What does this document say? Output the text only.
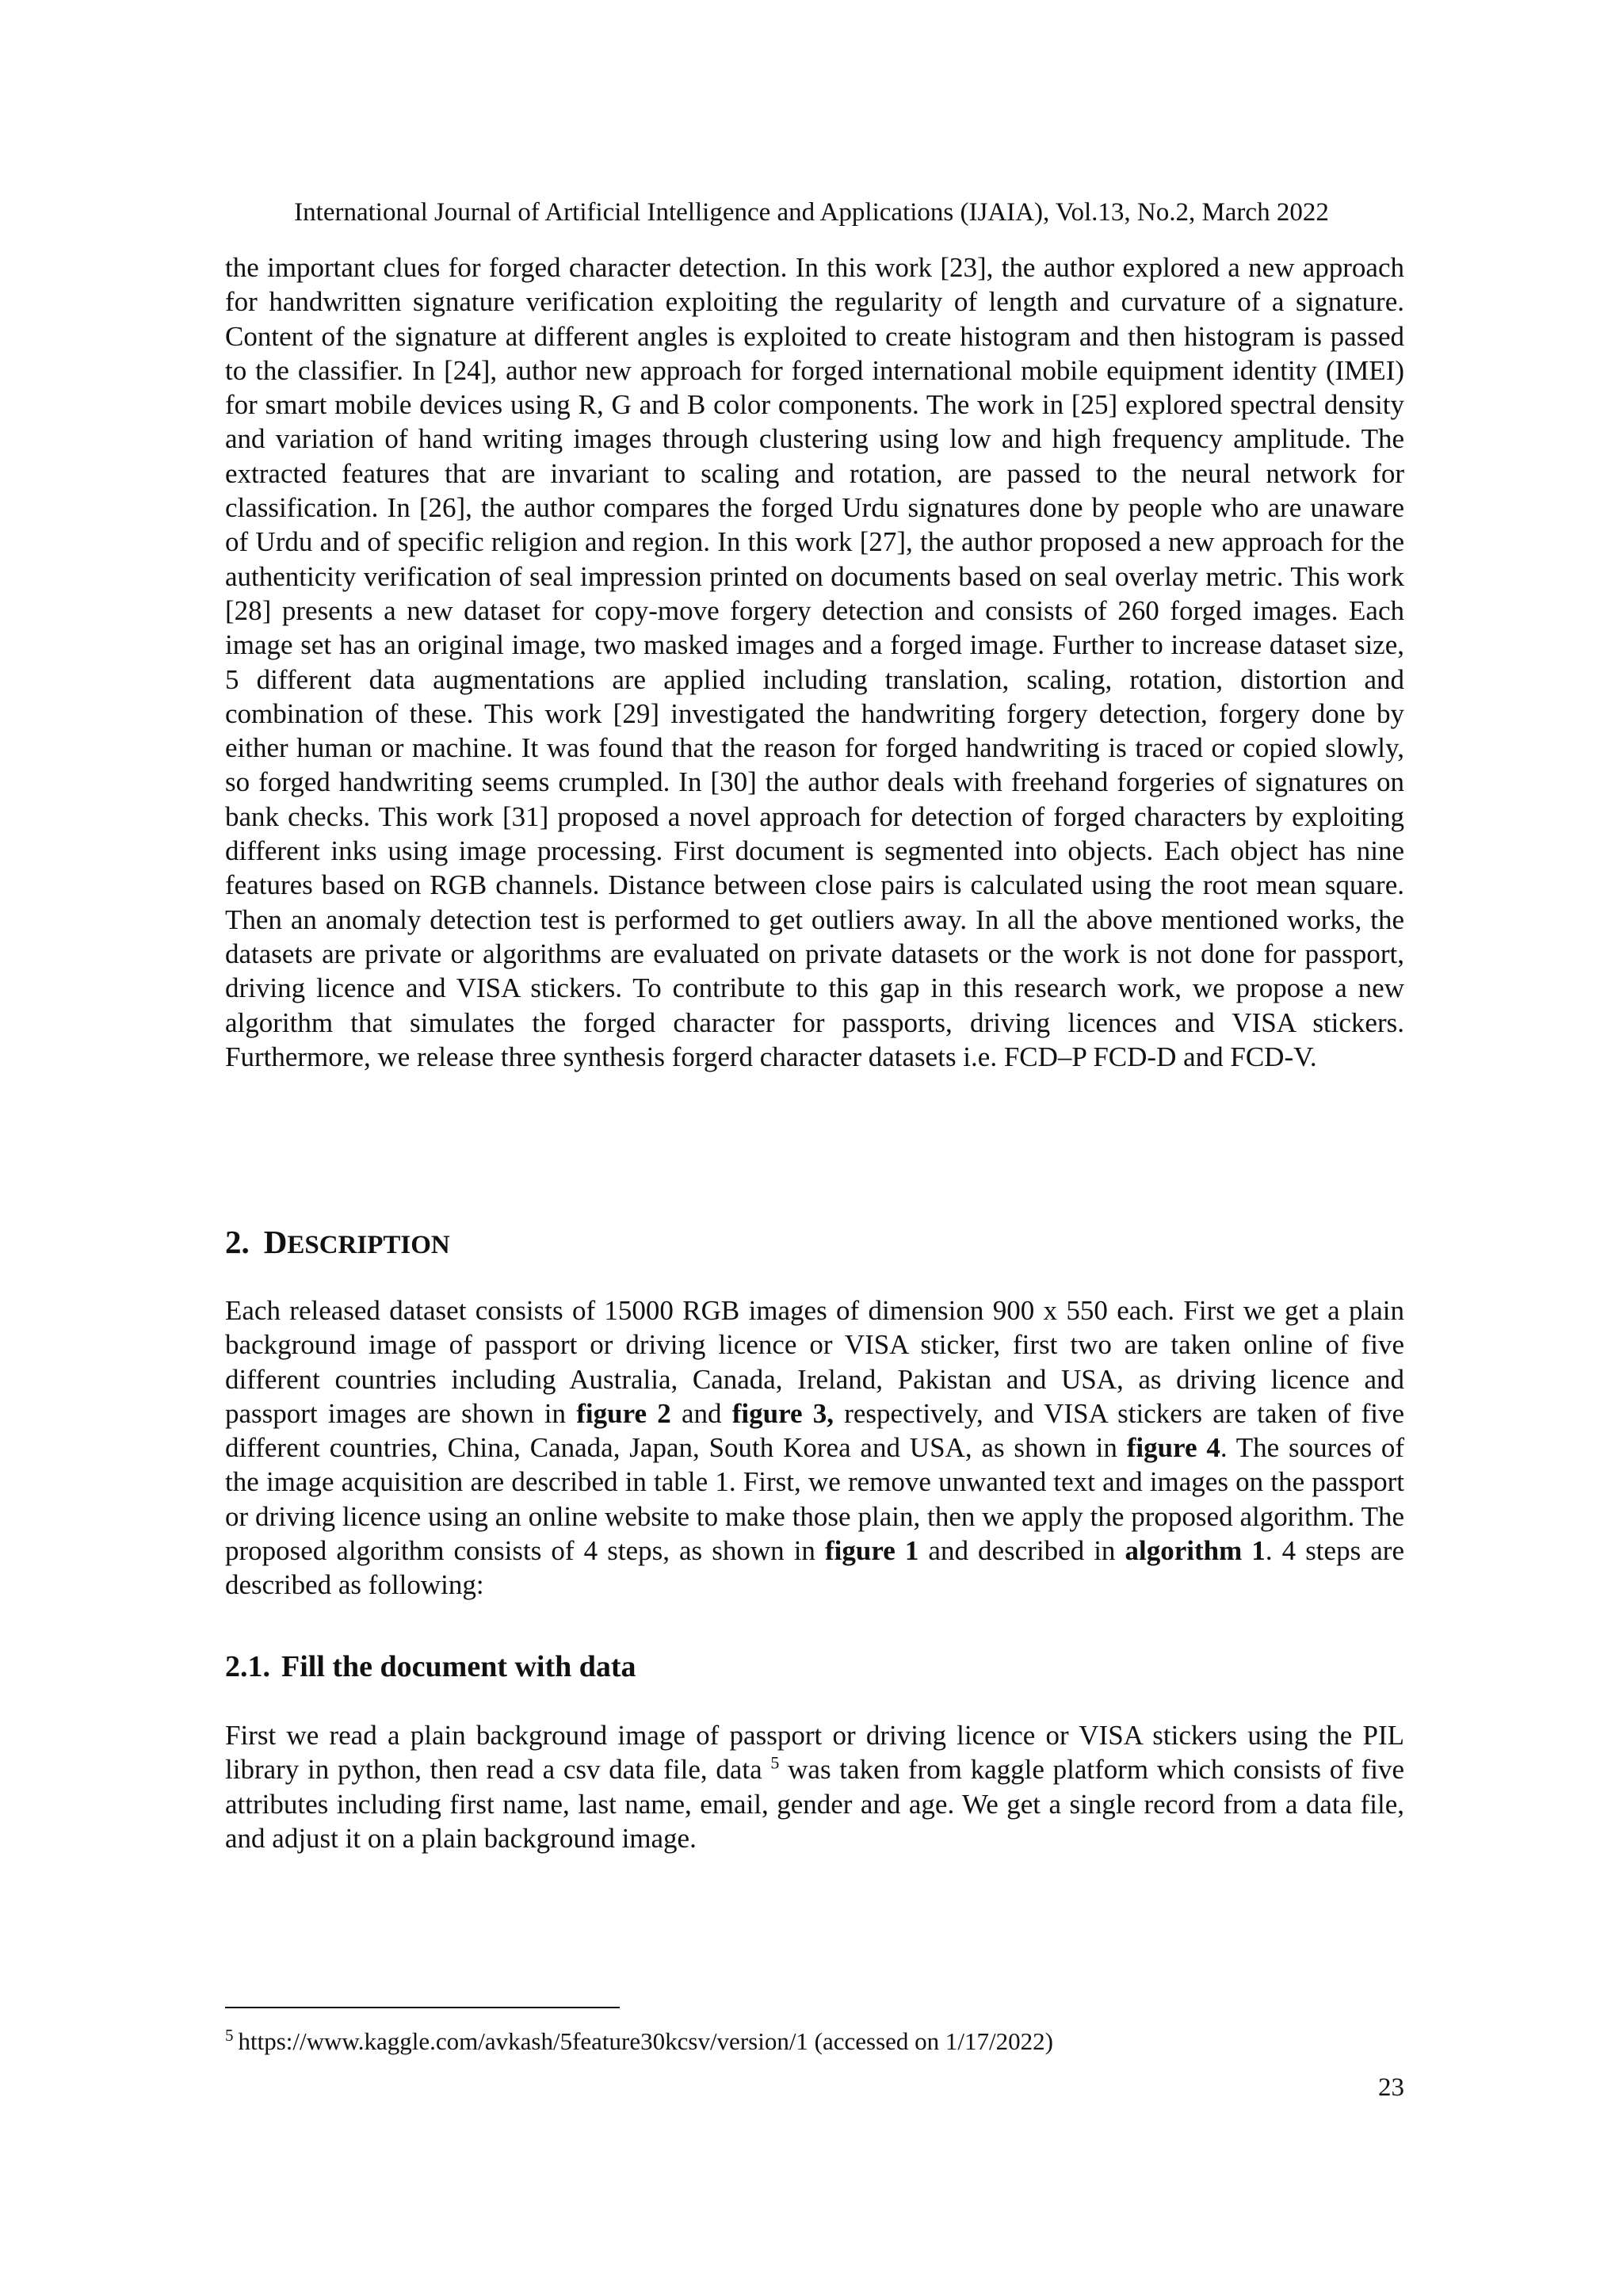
International Journal of Artificial Intelligence and Applications (IJAIA), Vol.13, No.2, March 2022

the important clues for forged character detection. In this work [23], the author explored a new approach for handwritten signature verification exploiting the regularity of length and curvature of a signature. Content of the signature at different angles is exploited to create histogram and then histogram is passed to the classifier. In [24], author new approach for forged international mobile equipment identity (IMEI) for smart mobile devices using R, G and B color components. The work in [25] explored spectral density and variation of hand writing images through clustering using low and high frequency amplitude. The extracted features that are invariant to scaling and rotation, are passed to the neural network for classification. In [26], the author compares the forged Urdu signatures done by people who are unaware of Urdu and of specific religion and region. In this work [27], the author proposed a new approach for the authenticity verification of seal impression printed on documents based on seal overlay metric. This work [28] presents a new dataset for copy-move forgery detection and consists of 260 forged images. Each image set has an original image, two masked images and a forged image. Further to increase dataset size, 5 different data augmentations are applied including translation, scaling, rotation, distortion and combination of these. This work [29] investigated the handwriting forgery detection, forgery done by either human or machine. It was found that the reason for forged handwriting is traced or copied slowly, so forged handwriting seems crumpled. In [30] the author deals with freehand forgeries of signatures on bank checks. This work [31] proposed a novel approach for detection of forged characters by exploiting different inks using image processing. First document is segmented into objects. Each object has nine features based on RGB channels. Distance between close pairs is calculated using the root mean square. Then an anomaly detection test is performed to get outliers away. In all the above mentioned works, the datasets are private or algorithms are evaluated on private datasets or the work is not done for passport, driving licence and VISA stickers. To contribute to this gap in this research work, we propose a new algorithm that simulates the forged character for passports, driving licences and VISA stickers. Furthermore, we release three synthesis forgerd character datasets i.e. FCD–P FCD-D and FCD-V.

2. DESCRIPTION

Each released dataset consists of 15000 RGB images of dimension 900 x 550 each. First we get a plain background image of passport or driving licence or VISA sticker, first two are taken online of five different countries including Australia, Canada, Ireland, Pakistan and USA, as driving licence and passport images are shown in figure 2 and figure 3, respectively, and VISA stickers are taken of five different countries, China, Canada, Japan, South Korea and USA, as shown in figure 4. The sources of the image acquisition are described in table 1. First, we remove unwanted text and images on the passport or driving licence using an online website to make those plain, then we apply the proposed algorithm. The proposed algorithm consists of 4 steps, as shown in figure 1 and described in algorithm 1. 4 steps are described as following:

2.1. Fill the document with data

First we read a plain background image of passport or driving licence or VISA stickers using the PIL library in python, then read a csv data file, data $^5$ was taken from kaggle platform which consists of five attributes including first name, last name, email, gender and age. We get a single record from a data file, and adjust it on a plain background image.

$^5$ https://www.kaggle.com/avkash/5feature30kcsv/version/1 (accessed on 1/17/2022)
23
